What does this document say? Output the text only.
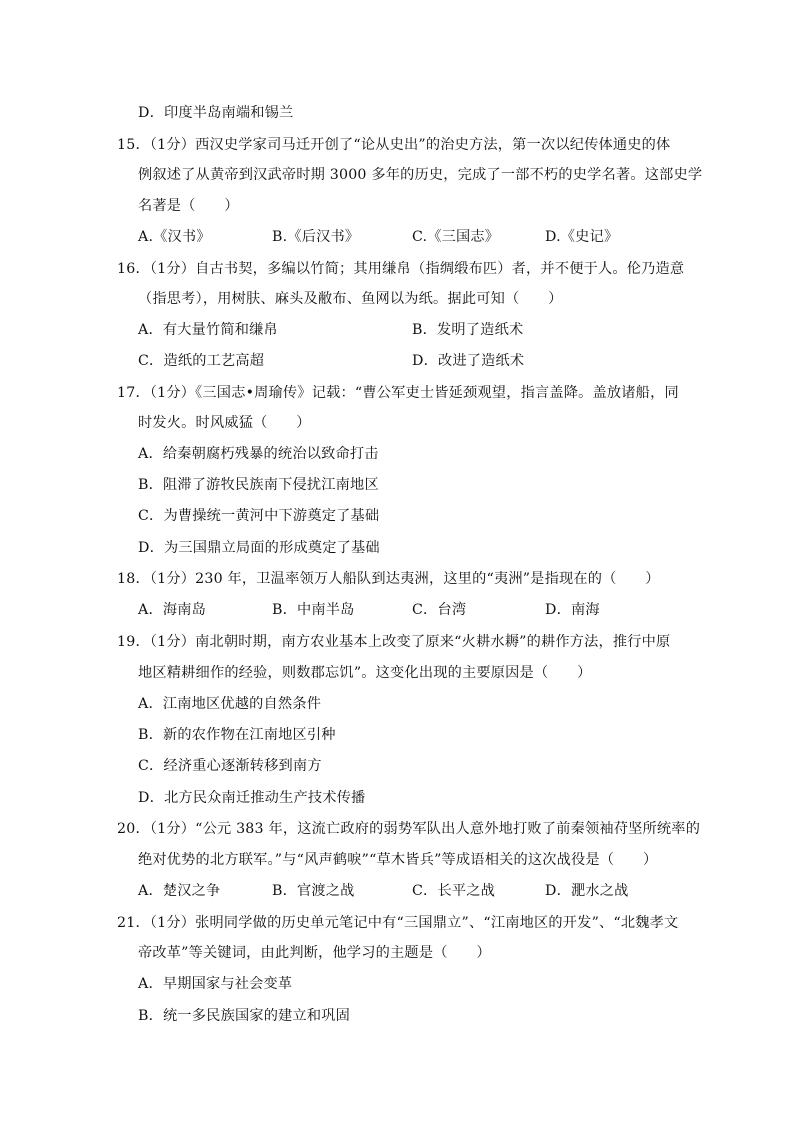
D．印度半岛南端和锡兰
15．（1分）西汉史学家司马迁开创了“论从史出”的治史方法，第一次以纪传体通史的体
例叙述了从黄帝到汉武帝时期 3000 多年的历史，完成了一部不朽的史学名著。这部史学
名著是（　　）
A.《汉书》	B.《后汉书》	C.《三国志》	D.《史记》
16．（1分）自古书契，多编以竹简；其用缣帛（指绸缎布匹）者，并不便于人。伦乃造意
（指思考），用树肤、麻头及敝布、鱼网以为纸。据此可知（　　）
A．有大量竹简和缣帛	B．发明了造纸术
C．造纸的工艺高超	D．改进了造纸术
17．（1分）《三国志•周瑜传》记载：“曹公军吏士皆延颈观望，指言盖降。盖放诸船，同
时发火。时风威猛（　　）
A．给秦朝腐朽残暴的统治以致命打击
B．阻滞了游牧民族南下侵扰江南地区
C．为曹操统一黄河中下游奠定了基础
D．为三国鼎立局面的形成奠定了基础
18．（1分）230 年，卫温率领万人船队到达夷洲，这里的“夷洲”是指现在的（　　）
A．海南岛	B．中南半岛	C．台湾	D．南海
19．（1分）南北朝时期，南方农业基本上改变了原来“火耕水耨”的耕作方法，推行中原
地区精耕细作的经验，则数郡忘饥”。这变化出现的主要原因是（　　）
A．江南地区优越的自然条件
B．新的农作物在江南地区引种
C．经济重心逐渐转移到南方
D．北方民众南迁推动生产技术传播
20．（1分）“公元 383 年，这流亡政府的弱势军队出人意外地打败了前秦领袖苻坚所统率的
绝对优势的北方联军。”与“风声鹤唳”“草木皆兵”等成语相关的这次战役是（　　）
A．楚汉之争	B．官渡之战	C．长平之战	D．淝水之战
21．（1分）张明同学做的历史单元笔记中有“三国鼎立”、“江南地区的开发”、“北魏孝文
帝改革”等关键词，由此判断，他学习的主题是（　　）
A．早期国家与社会变革
B．统一多民族国家的建立和巩固
